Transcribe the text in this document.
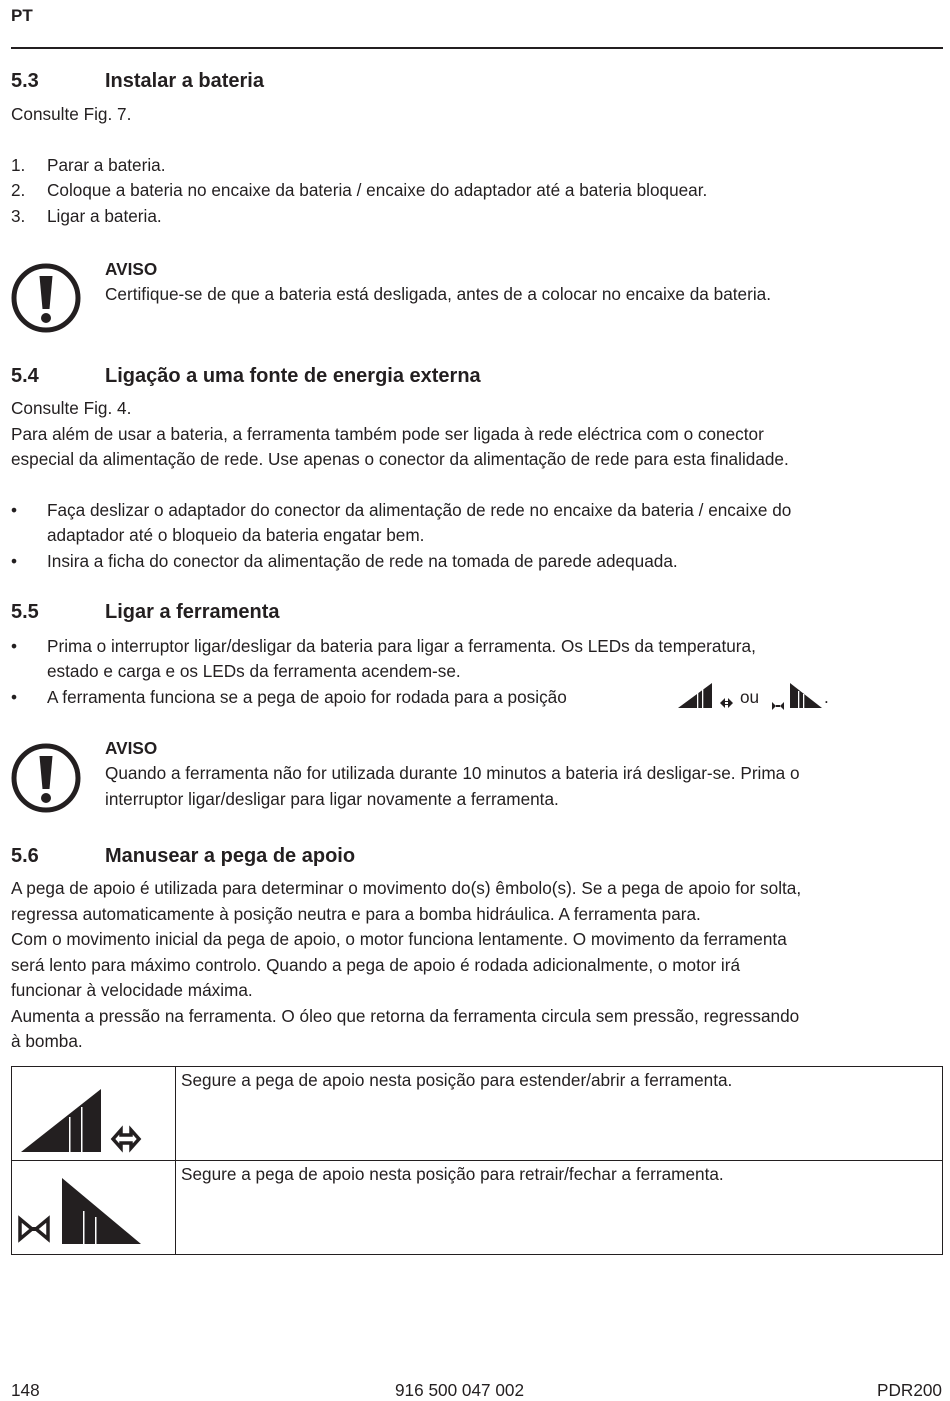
PT
5.3	Instalar a bateria
Consulte Fig. 7.
1. Parar a bateria.
2. Coloque a bateria no encaixe da bateria / encaixe do adaptador até a bateria bloquear.
3. Ligar a bateria.
AVISO
Certifique-se de que a bateria está desligada, antes de a colocar no encaixe da bateria.
5.4	Ligação a uma fonte de energia externa
Consulte Fig. 4.
Para além de usar a bateria, a ferramenta também pode ser ligada à rede eléctrica com o conector
especial da alimentação de rede. Use apenas o conector da alimentação de rede para esta finalidade.
• Faça deslizar o adaptador do conector da alimentação de rede no encaixe da bateria / encaixe do
adaptador até o bloqueio da bateria engatar bem.
• Insira a ficha do conector da alimentação de rede na tomada de parede adequada.
5.5	Ligar a ferramenta
• Prima o interruptor ligar/desligar da bateria para ligar a ferramenta. Os LEDs da temperatura,
estado e carga e os LEDs da ferramenta acendem-se.
• A ferramenta funciona se a pega de apoio for rodada para a posição	ou	.
AVISO
Quando a ferramenta não for utilizada durante 10 minutos a bateria irá desligar-se. Prima o
interruptor ligar/desligar para ligar novamente a ferramenta.
5.6	Manusear a pega de apoio
A pega de apoio é utilizada para determinar o movimento do(s) êmbolo(s). Se a pega de apoio for solta,
regressa automaticamente à posição neutra e para a bomba hidráulica. A ferramenta para.
Com o movimento inicial da pega de apoio, o motor funciona lentamente. O movimento da ferramenta
será lento para máximo controlo. Quando a pega de apoio é rodada adicionalmente, o motor irá
funcionar à velocidade máxima.
Aumenta a pressão na ferramenta. O óleo que retorna da ferramenta circula sem pressão, regressando
à bomba.
	Segure a pega de apoio nesta posição para estender/abrir a ferramenta.
	Segure a pega de apoio nesta posição para retrair/fechar a ferramenta.
148	916 500 047 002	PDR200
